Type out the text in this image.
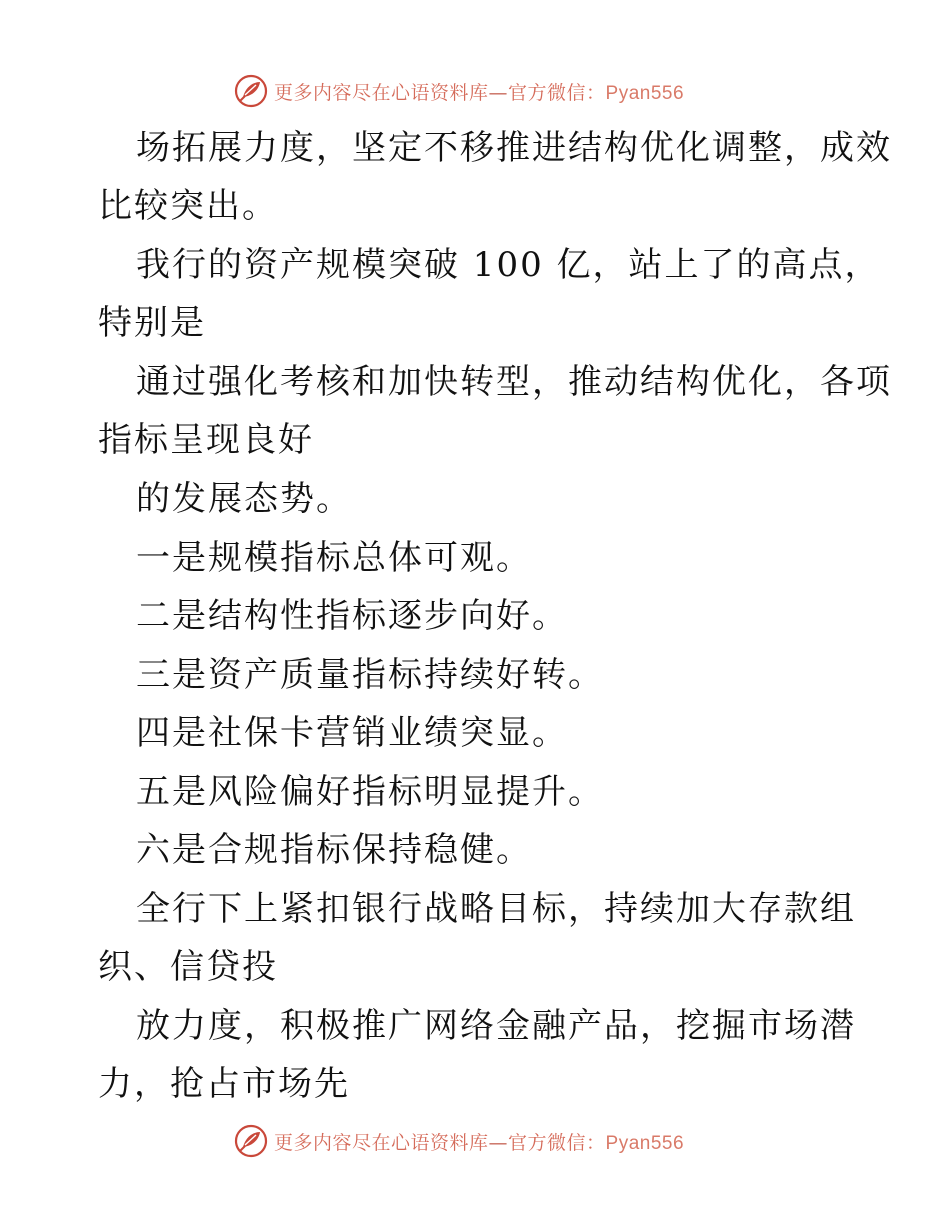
更多内容尽在心语资料库—官方微信：Pyan556
场拓展力度，坚定不移推进结构优化调整，成效
比较突出。
我行的资产规模突破 100 亿，站上了的高点，
特别是
通过强化考核和加快转型，推动结构优化，各项
指标呈现良好
的发展态势。
一是规模指标总体可观。
二是结构性指标逐步向好。
三是资产质量指标持续好转。
四是社保卡营销业绩突显。
五是风险偏好指标明显提升。
六是合规指标保持稳健。
全行下上紧扣银行战略目标，持续加大存款组
织、信贷投
放力度，积极推广网络金融产品，挖掘市场潜
力，抢占市场先
更多内容尽在心语资料库—官方微信：Pyan556
